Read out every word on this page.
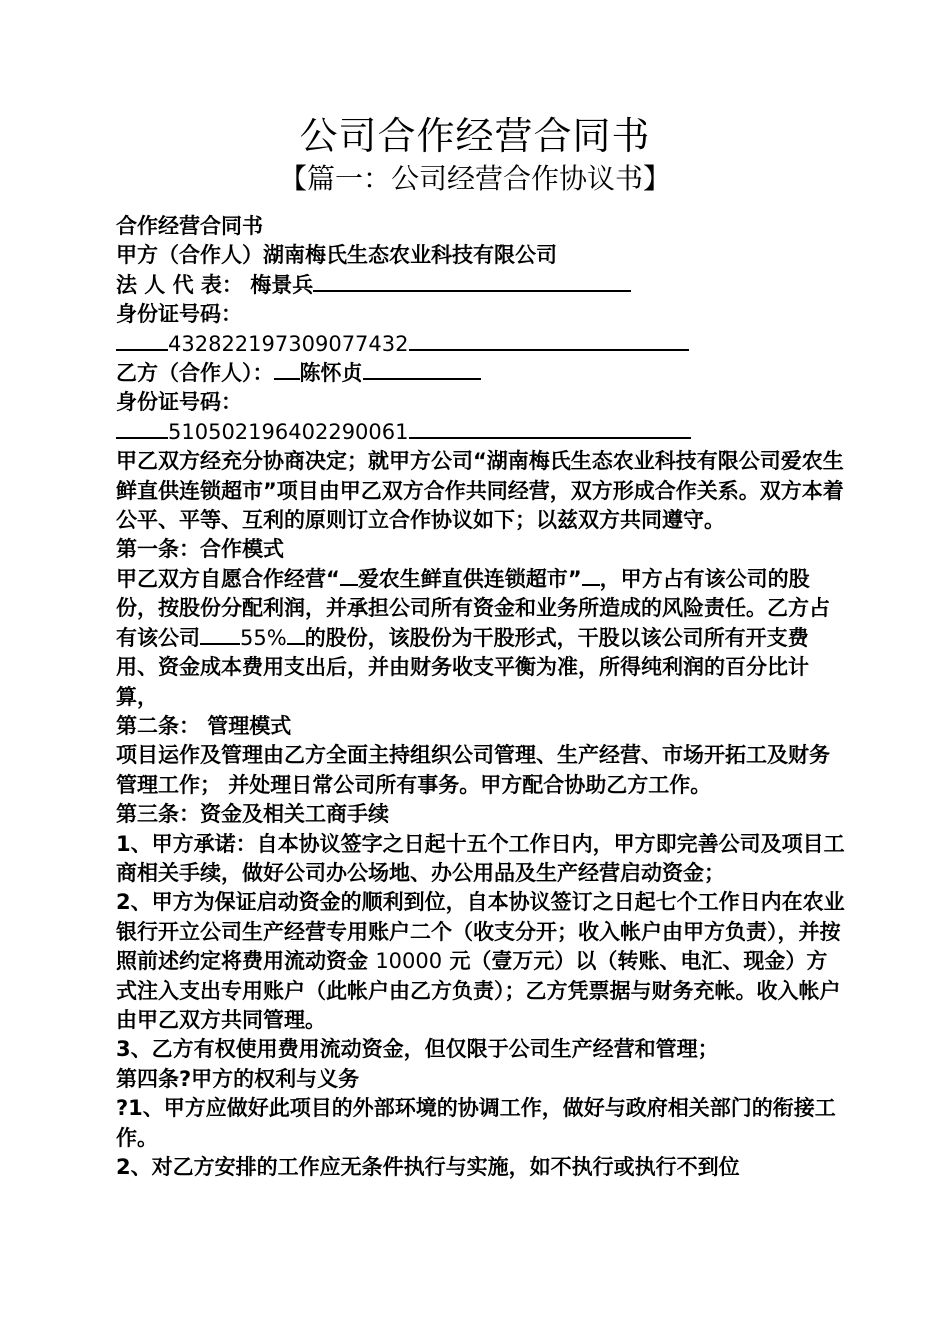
公司合作经营合同书
【篇一：公司经营合作协议书】

合作经营合同书

甲方（合作人）湖南梅氏生态农业科技有限公司

法 人 代 表： 梅景兵

身份证号码：

432822197309077432

乙方（合作人）： 陈怀贞

身份证号码：

510502196402290061

甲乙双方经充分协商决定；就甲方公司“湖南梅氏生态农业科技有限公司爱农生鲜直供连锁超市”项目由甲乙双方合作共同经营，双方形成合作关系。双方本着公平、平等、互利的原则订立合作协议如下；以兹双方共同遵守。

第一条：合作模式

甲乙双方自愿合作经营“ 爱农生鲜直供连锁超市” ，甲方占有该公司的股份，按股份分配利润，并承担公司所有资金和业务所造成的风险责任。乙方占有该公司 55% 的股份，该股份为干股形式，干股以该公司所有开支费用、资金成本费用支出后，并由财务收支平衡为准，所得纯利润的百分比计算，

第二条： 管理模式

项目运作及管理由乙方全面主持组织公司管理、生产经营、市场开拓工及财务管理工作； 并处理日常公司所有事务。甲方配合协助乙方工作。

第三条：资金及相关工商手续

1、甲方承诺：自本协议签字之日起十五个工作日内，甲方即完善公司及项目工商相关手续，做好公司办公场地、办公用品及生产经营启动资金；

2、甲方为保证启动资金的顺利到位，自本协议签订之日起七个工作日内在农业银行开立公司生产经营专用账户二个（收支分开；收入帐户由甲方负责），并按照前述约定将费用流动资金 10000 元（壹万元）以（转账、电汇、现金）方式注入支出专用账户（此帐户由乙方负责）；乙方凭票据与财务充帐。收入帐户由甲乙双方共同管理。

3、乙方有权使用费用流动资金，但仅限于公司生产经营和管理；

第四条?甲方的权利与义务

?1、甲方应做好此项目的外部环境的协调工作，做好与政府相关部门的衔接工作。

2、对乙方安排的工作应无条件执行与实施，如不执行或执行不到位
